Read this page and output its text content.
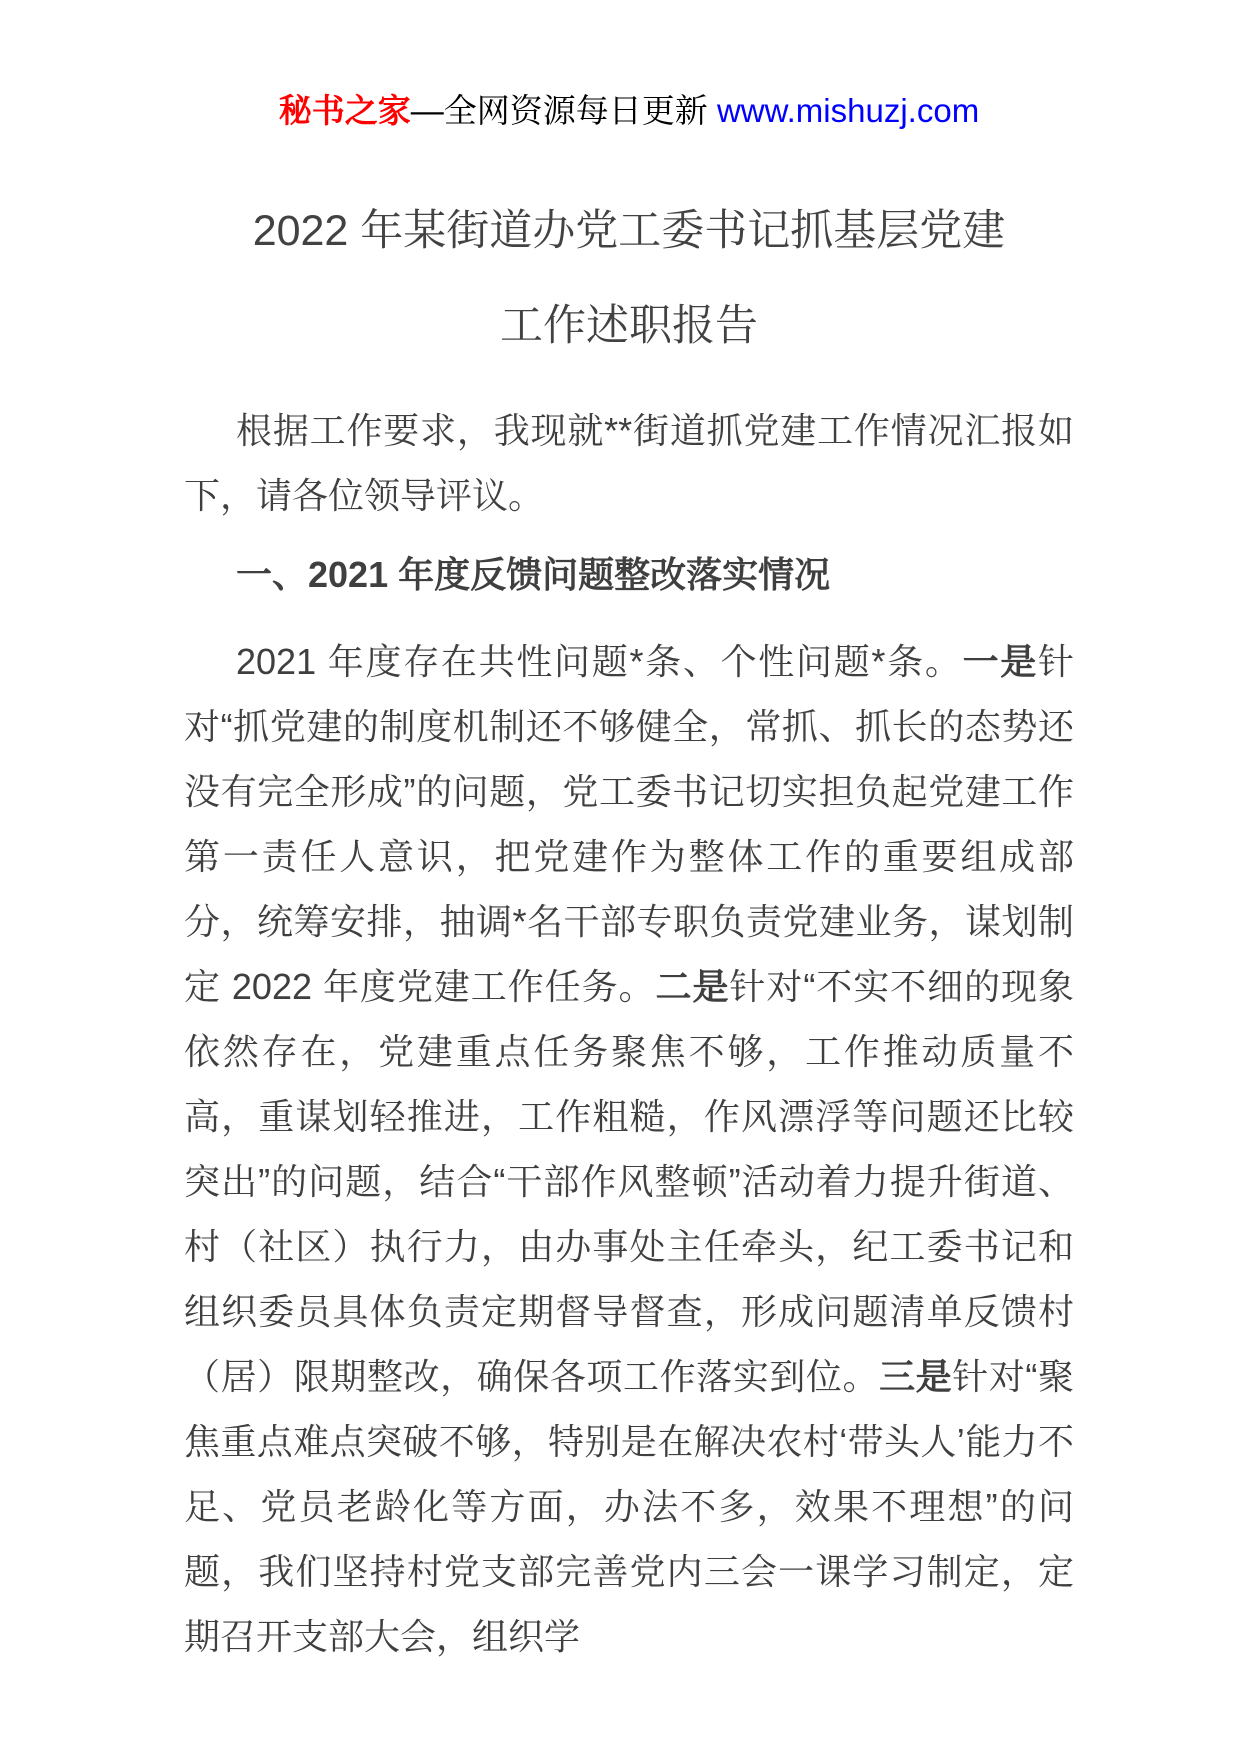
秘书之家—全网资源每日更新 www.mishuzj.com
2022 年某街道办党工委书记抓基层党建
工作述职报告

根据工作要求，我现就**街道抓党建工作情况汇报如下，请各位领导评议。

一、2021 年度反馈问题整改落实情况

2021 年度存在共性问题*条、个性问题*条。一是针对“抓党建的制度机制还不够健全，常抓、抓长的态势还没有完全形成”的问题，党工委书记切实担负起党建工作第一责任人意识，把党建作为整体工作的重要组成部分，统筹安排，抽调*名干部专职负责党建业务，谋划制定 2022 年度党建工作任务。二是针对“不实不细的现象依然存在，党建重点任务聚焦不够，工作推动质量不高，重谋划轻推进，工作粗糙，作风漂浮等问题还比较突出”的问题，结合“干部作风整顿”活动着力提升街道、村（社区）执行力，由办事处主任牵头，纪工委书记和组织委员具体负责定期督导督查，形成问题清单反馈村（居）限期整改，确保各项工作落实到位。三是针对“聚焦重点难点突破不够，特别是在解决农村‘带头人’能力不足、党员老龄化等方面，办法不多，效果不理想”的问题，我们坚持村党支部完善党内三会一课学习制定，定期召开支部大会，组织学
